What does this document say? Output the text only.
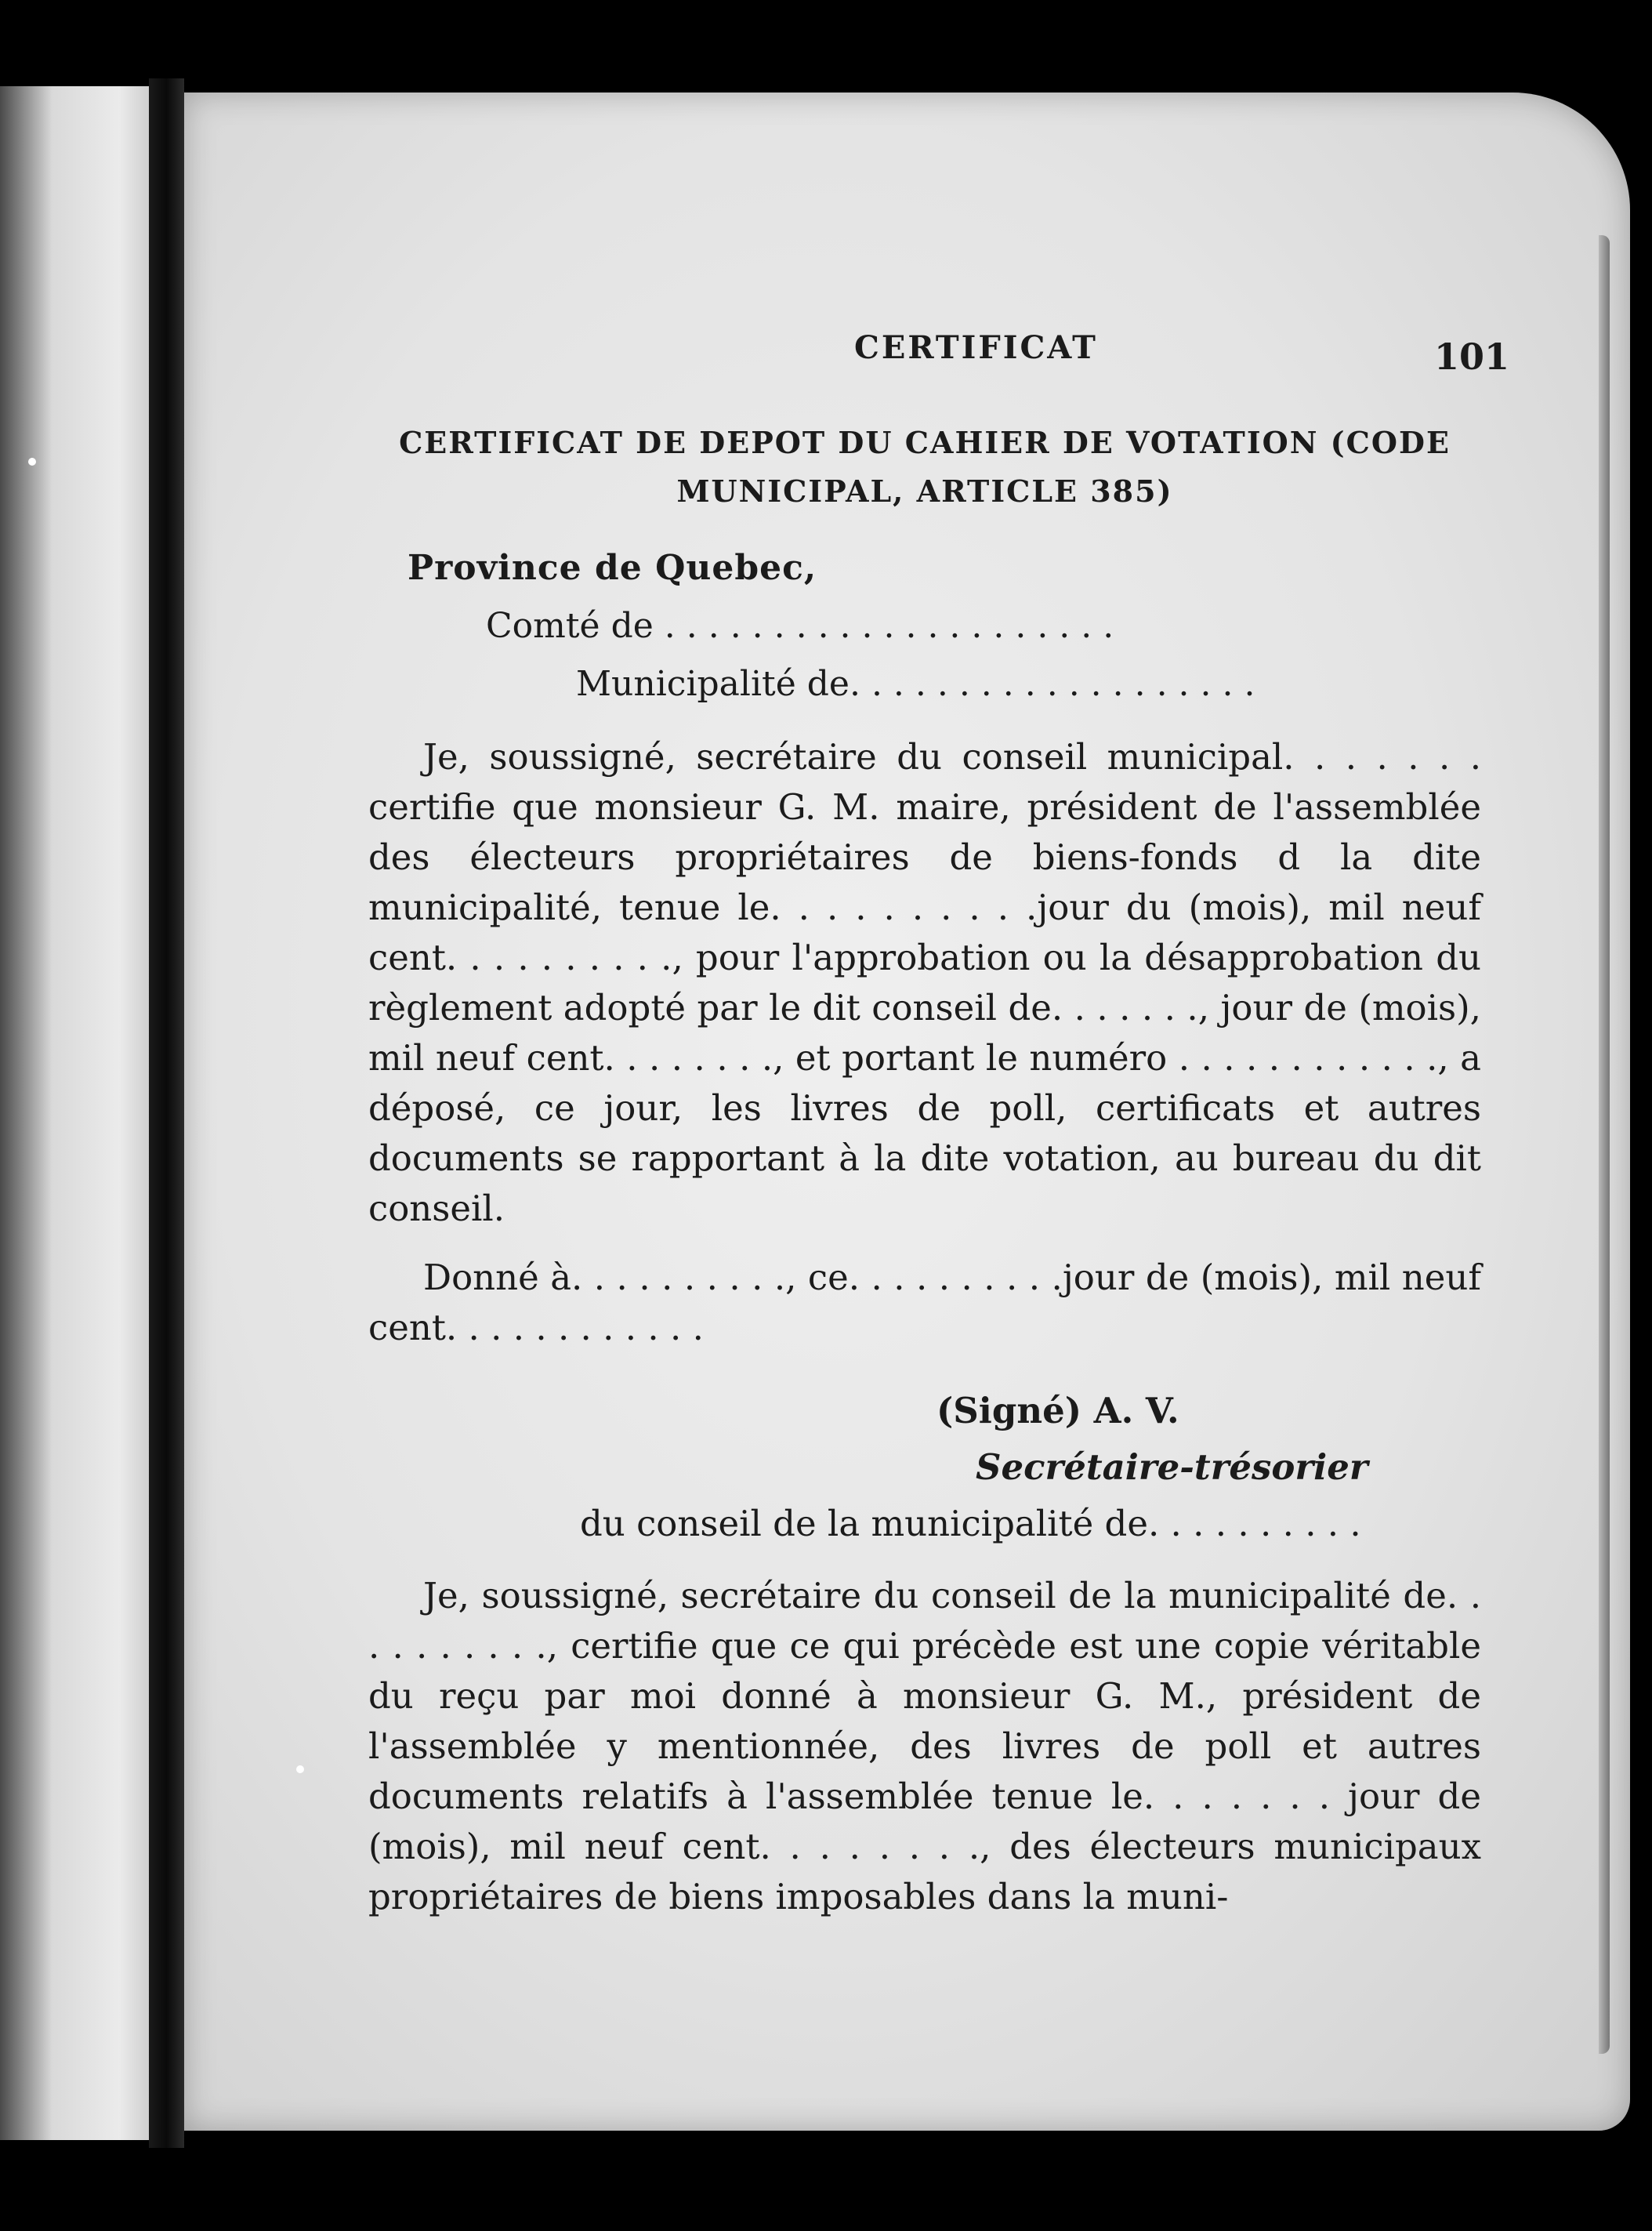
CERTIFICAT	101
CERTIFICAT DE DEPOT DU CAHIER DE VOTATION (CODE MUNICIPAL, ARTICLE 385)
Province de Quebec,
Comté de . . . . . . . . . . . . . . . . . . . . .
Municipalité de. . . . . . . . . . . . . . . . . . .

Je, soussigné, secrétaire du conseil municipal. . . . . . . certifie que monsieur G. M. maire, président de l'assemblée des électeurs propriétaires de biens-fonds d la dite municipalité, tenue le. . . . . . . . . .jour du (mois), mil neuf cent. . . . . . . . . ., pour l'approbation ou la désapprobation du règlement adopté par le dit conseil de. . . . . . ., jour de (mois), mil neuf cent. . . . . . . ., et portant le numéro . . . . . . . . . . . ., a déposé, ce jour, les livres de poll, certificats et autres documents se rapportant à la dite votation, au bureau du dit conseil.

Donné à. . . . . . . . . ., ce. . . . . . . . . .jour de (mois), mil neuf cent. . . . . . . . . . . .

(Signé) A. V.
Secrétaire-trésorier
du conseil de la municipalité de. . . . . . . . . .

Je, soussigné, secrétaire du conseil de la municipalité de. . . . . . . . . ., certifie que ce qui précède est une copie véritable du reçu par moi donné à monsieur G. M., président de l'assemblée y mentionnée, des livres de poll et autres documents relatifs à l'assemblée tenue le. . . . . . . jour de (mois), mil neuf cent. . . . . . . ., des électeurs municipaux propriétaires de biens imposables dans la muni-
